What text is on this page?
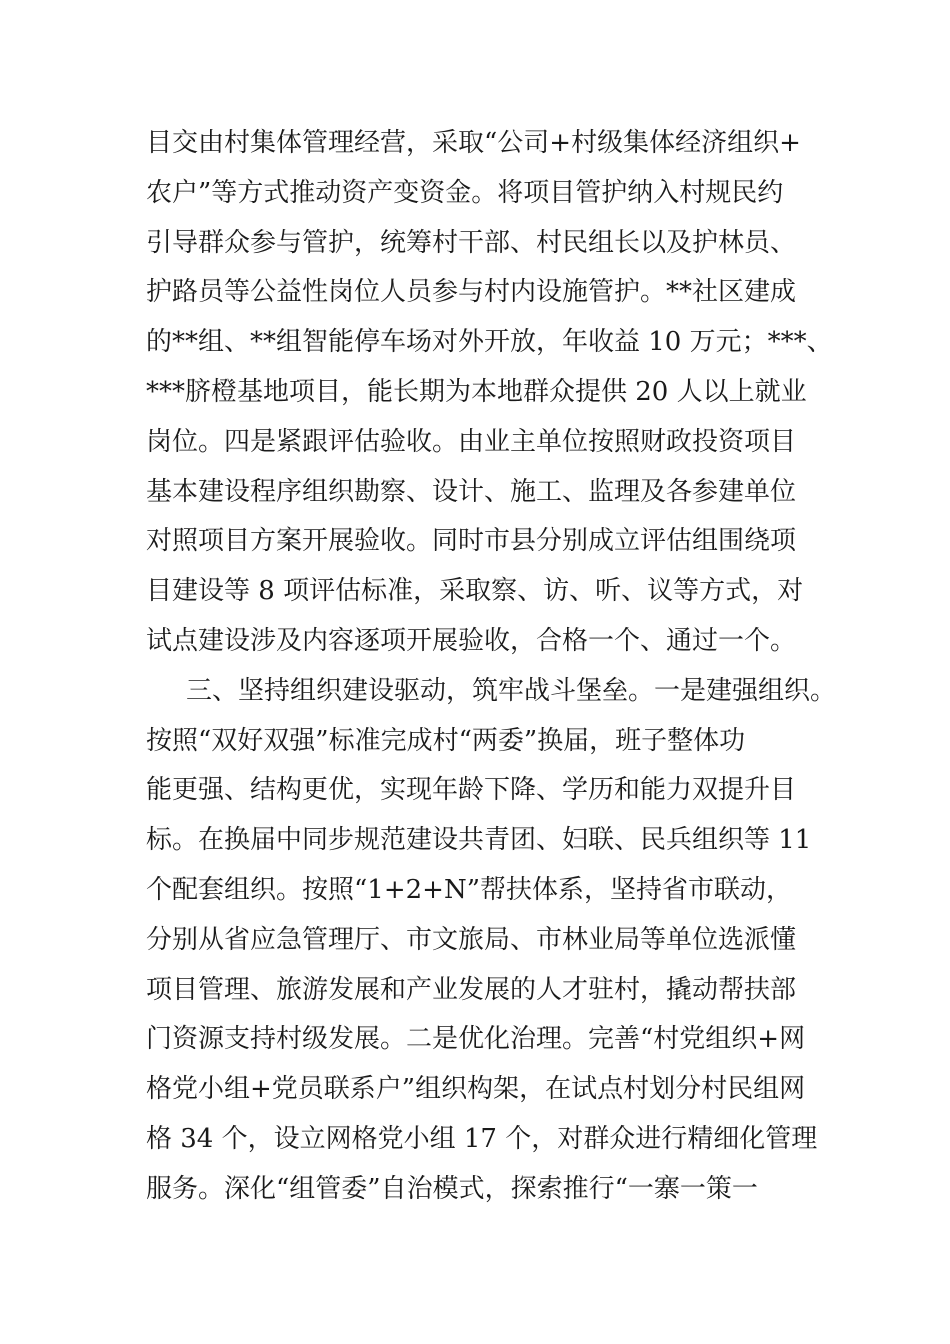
目交由村集体管理经营，采取“公司+村级集体经济组织+
农户”等方式推动资产变资金。将项目管护纳入村规民约
引导群众参与管护，统筹村干部、村民组长以及护林员、
护路员等公益性岗位人员参与村内设施管护。**社区建成
的**组、**组智能停车场对外开放，年收益 10 万元；***、
***脐橙基地项目，能长期为本地群众提供 20 人以上就业
岗位。四是紧跟评估验收。由业主单位按照财政投资项目
基本建设程序组织勘察、设计、施工、监理及各参建单位
对照项目方案开展验收。同时市县分别成立评估组围绕项
目建设等 8 项评估标准，采取察、访、听、议等方式，对
试点建设涉及内容逐项开展验收，合格一个、通过一个。
三、坚持组织建设驱动，筑牢战斗堡垒。一是建强组织。
按照“双好双强”标准完成村“两委”换届，班子整体功
能更强、结构更优，实现年龄下降、学历和能力双提升目
标。在换届中同步规范建设共青团、妇联、民兵组织等 11
个配套组织。按照“1+2+N”帮扶体系，坚持省市联动，
分别从省应急管理厅、市文旅局、市林业局等单位选派懂
项目管理、旅游发展和产业发展的人才驻村，撬动帮扶部
门资源支持村级发展。二是优化治理。完善“村党组织+网
格党小组+党员联系户”组织构架，在试点村划分村民组网
格 34 个，设立网格党小组 17 个，对群众进行精细化管理
服务。深化“组管委”自治模式，探索推行“一寨一策一
